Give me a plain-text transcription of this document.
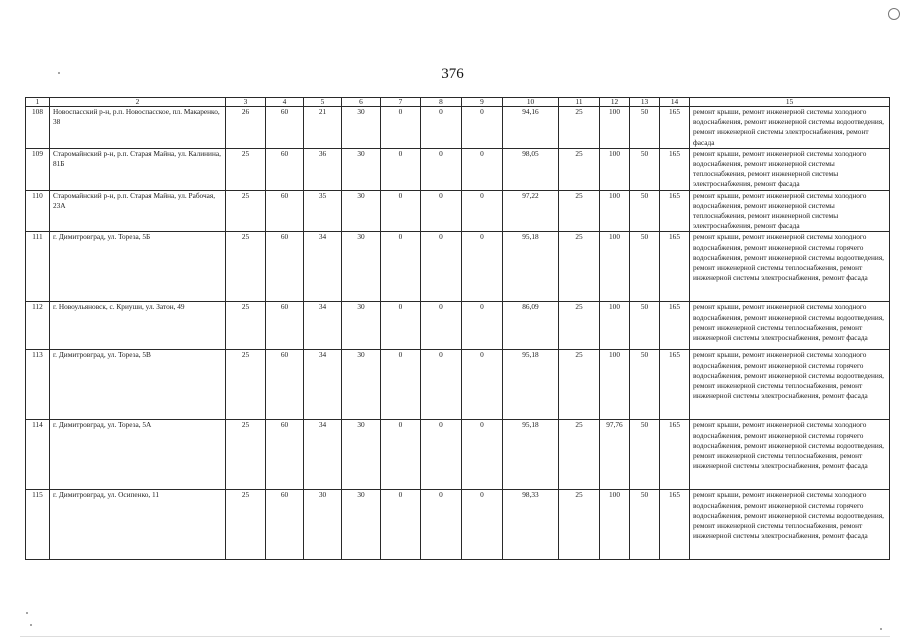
376
1	2	3	4	5	6	7	8	9	10	11	12	13	14	15
108	Новоспасский р-н, р.п. Новоспасское, пл. Макаренко, 38	26	60	21	30	0	0	0	94,16	25	100	50	165	ремонт крыши, ремонт инженерной системы холодного водоснабжения, ремонт инженерной системы водоотведения, ремонт инженерной системы электроснабжения, ремонт фасада
109	Старомайнский р-н, р.п. Старая Майна, ул. Калинина, 81Б	25	60	36	30	0	0	0	98,05	25	100	50	165	ремонт крыши, ремонт инженерной системы холодного водоснабжения, ремонт инженерной системы теплоснабжения, ремонт инженерной системы электроснабжения, ремонт фасада
110	Старомайнский р-н, р.п. Старая Майна, ул. Рабочая, 23А	25	60	35	30	0	0	0	97,22	25	100	50	165	ремонт крыши, ремонт инженерной системы холодного водоснабжения, ремонт инженерной системы теплоснабжения, ремонт инженерной системы электроснабжения, ремонт фасада
111	г. Димитровград, ул. Тореза, 5Б	25	60	34	30	0	0	0	95,18	25	100	50	165	ремонт крыши, ремонт инженерной системы холодного водоснабжения, ремонт инженерной системы горячего водоснабжения, ремонт инженерной системы водоотведения, ремонт инженерной системы теплоснабжения, ремонт инженерной системы электроснабжения, ремонт фасада
112	г. Новоульяновск, с. Криуши, ул. Затон, 49	25	60	34	30	0	0	0	86,09	25	100	50	165	ремонт крыши, ремонт инженерной системы холодного водоснабжения, ремонт инженерной системы водоотведения, ремонт инженерной системы теплоснабжения, ремонт инженерной системы электроснабжения, ремонт фасада
113	г. Димитровград, ул. Тореза, 5В	25	60	34	30	0	0	0	95,18	25	100	50	165	ремонт крыши, ремонт инженерной системы холодного водоснабжения, ремонт инженерной системы горячего водоснабжения, ремонт инженерной системы водоотведения, ремонт инженерной системы теплоснабжения, ремонт инженерной системы электроснабжения, ремонт фасада
114	г. Димитровград, ул. Тореза, 5А	25	60	34	30	0	0	0	95,18	25	97,76	50	165	ремонт крыши, ремонт инженерной системы холодного водоснабжения, ремонт инженерной системы горячего водоснабжения, ремонт инженерной системы водоотведения, ремонт инженерной системы теплоснабжения, ремонт инженерной системы электроснабжения, ремонт фасада
115	г. Димитровград, ул. Осипенко, 11	25	60	30	30	0	0	0	98,33	25	100	50	165	ремонт крыши, ремонт инженерной системы холодного водоснабжения, ремонт инженерной системы горячего водоснабжения, ремонт инженерной системы водоотведения, ремонт инженерной системы теплоснабжения, ремонт инженерной системы электроснабжения, ремонт фасада
